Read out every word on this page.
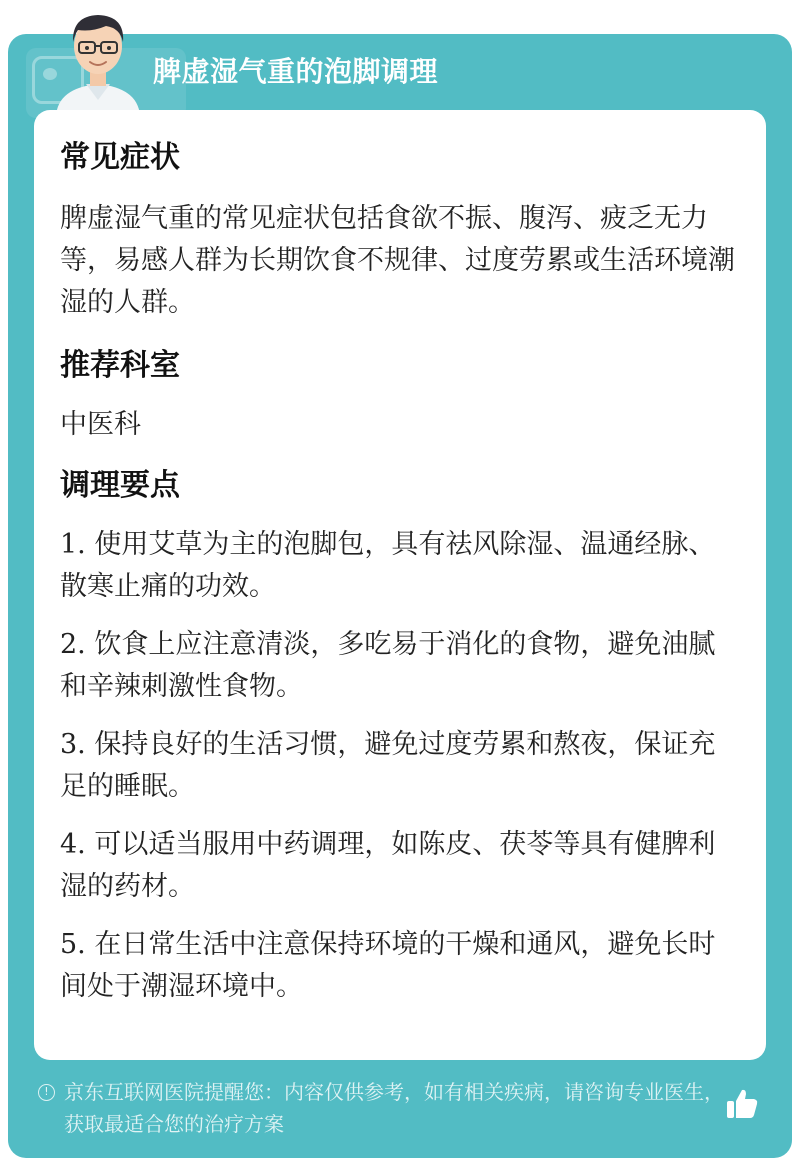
脾虚湿气重的泡脚调理
常见症状
脾虚湿气重的常见症状包括食欲不振、腹泻、疲乏无力等，易感人群为长期饮食不规律、过度劳累或生活环境潮湿的人群。
推荐科室
中医科
调理要点
1. 使用艾草为主的泡脚包，具有祛风除湿、温通经脉、散寒止痛的功效。
2. 饮食上应注意清淡，多吃易于消化的食物，避免油腻和辛辣刺激性食物。
3. 保持良好的生活习惯，避免过度劳累和熬夜，保证充足的睡眠。
4. 可以适当服用中药调理，如陈皮、茯苓等具有健脾利湿的药材。
5. 在日常生活中注意保持环境的干燥和通风，避免长时间处于潮湿环境中。
! 京东互联网医院提醒您：内容仅供参考，如有相关疾病，请咨询专业医生，获取最适合您的治疗方案
